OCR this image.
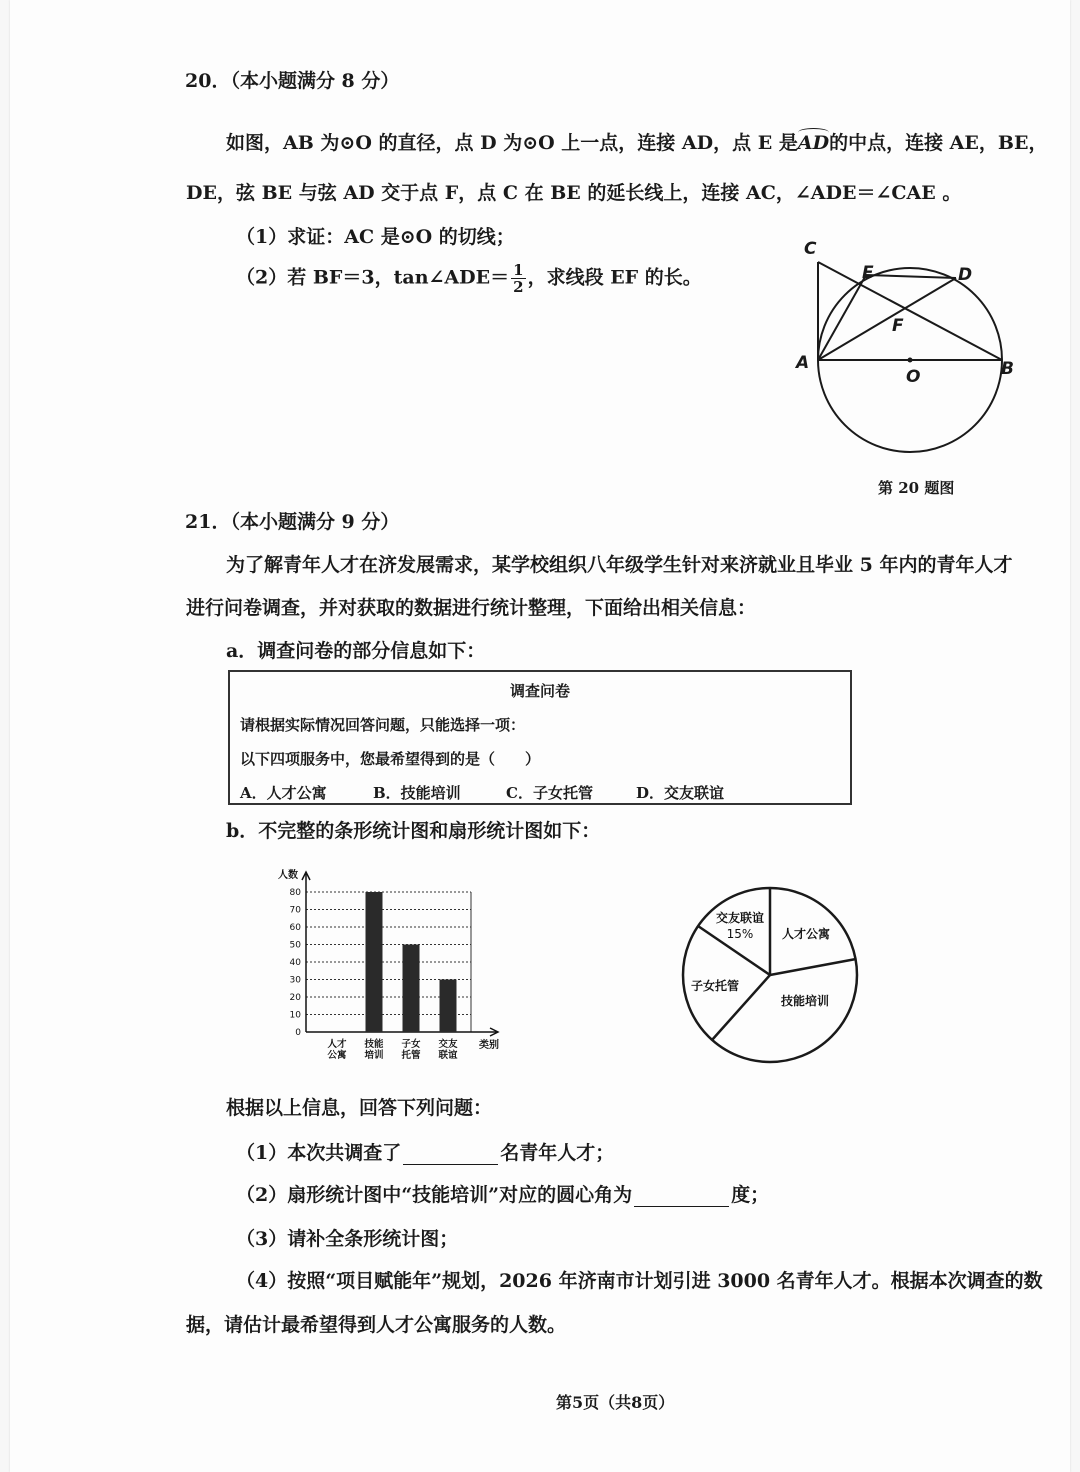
20．（本小题满分 8 分）
如图，AB 为⊙O 的直径，点 D 为⊙O 上一点，连接 AD，点 E 是AD的中点，连接 AE，BE，
DE，弦 BE 与弦 AD 交于点 F，点 C 在 BE 的延长线上，连接 AC，∠ADE＝∠CAE 。
（1）求证：AC 是⊙O 的切线；
（2）若 BF＝3，tan∠ADE＝ $\frac{1}{2}$ ，求线段 EF 的长。
C
E	D
F
A
O	B
第 20 题图
21．（本小题满分 9 分）
为了解青年人才在济发展需求，某学校组织八年级学生针对来济就业且毕业 5 年内的青年人才
进行问卷调查，并对获取的数据进行统计整理，下面给出相关信息：
a．调查问卷的部分信息如下：
调查问卷
请根据实际情况回答问题，只能选择一项：
以下四项服务中，您最希望得到的是（　　）
A．人才公寓	B．技能培训	C．子女托管	D．交友联谊
b．不完整的条形统计图和扇形统计图如下：
0
10
20
30
40
50
60
70
80
人数
类别
人才
公寓
技能
培训
子女
托管
交友
联谊
交友联谊
15% 人才公寓
技能培训
子女托管
根据以上信息，回答下列问题：
（1）本次共调查了	名青年人才；
（2）扇形统计图中“技能培训”对应的圆心角为	度；
（3）请补全条形统计图；
（4）按照“项目赋能年”规划，2026 年济南市计划引进 3000 名青年人才。根据本次调查的数
据，请估计最希望得到人才公寓服务的人数。
第5页（共8页）
